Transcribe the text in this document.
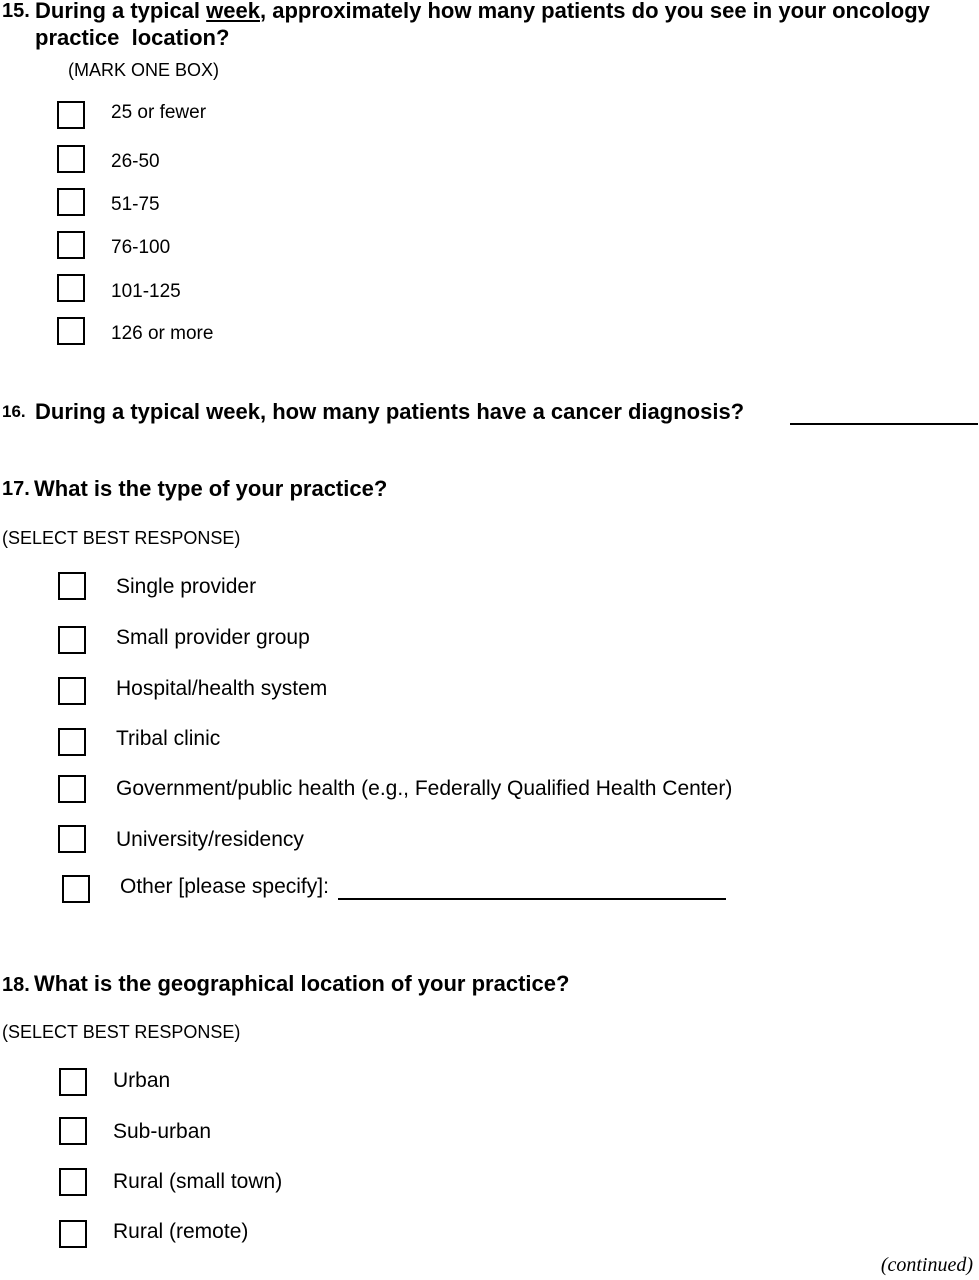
15. During a typical week, approximately how many patients do you see in your oncology
practice  location?
(MARK ONE BOX)
25 or fewer
26-50
51-75
76-100
101-125
126 or more
16. During a typical week, how many patients have a cancer diagnosis?
17. What is the type of your practice?
(SELECT BEST RESPONSE)
Single provider
Small provider group
Hospital/health system
Tribal clinic
Government/public health (e.g., Federally Qualified Health Center)
University/residency
Other [please specify]:
18. What is the geographical location of your practice?
(SELECT BEST RESPONSE)
Urban
Sub-urban
Rural (small town)
Rural (remote)
(continued)
